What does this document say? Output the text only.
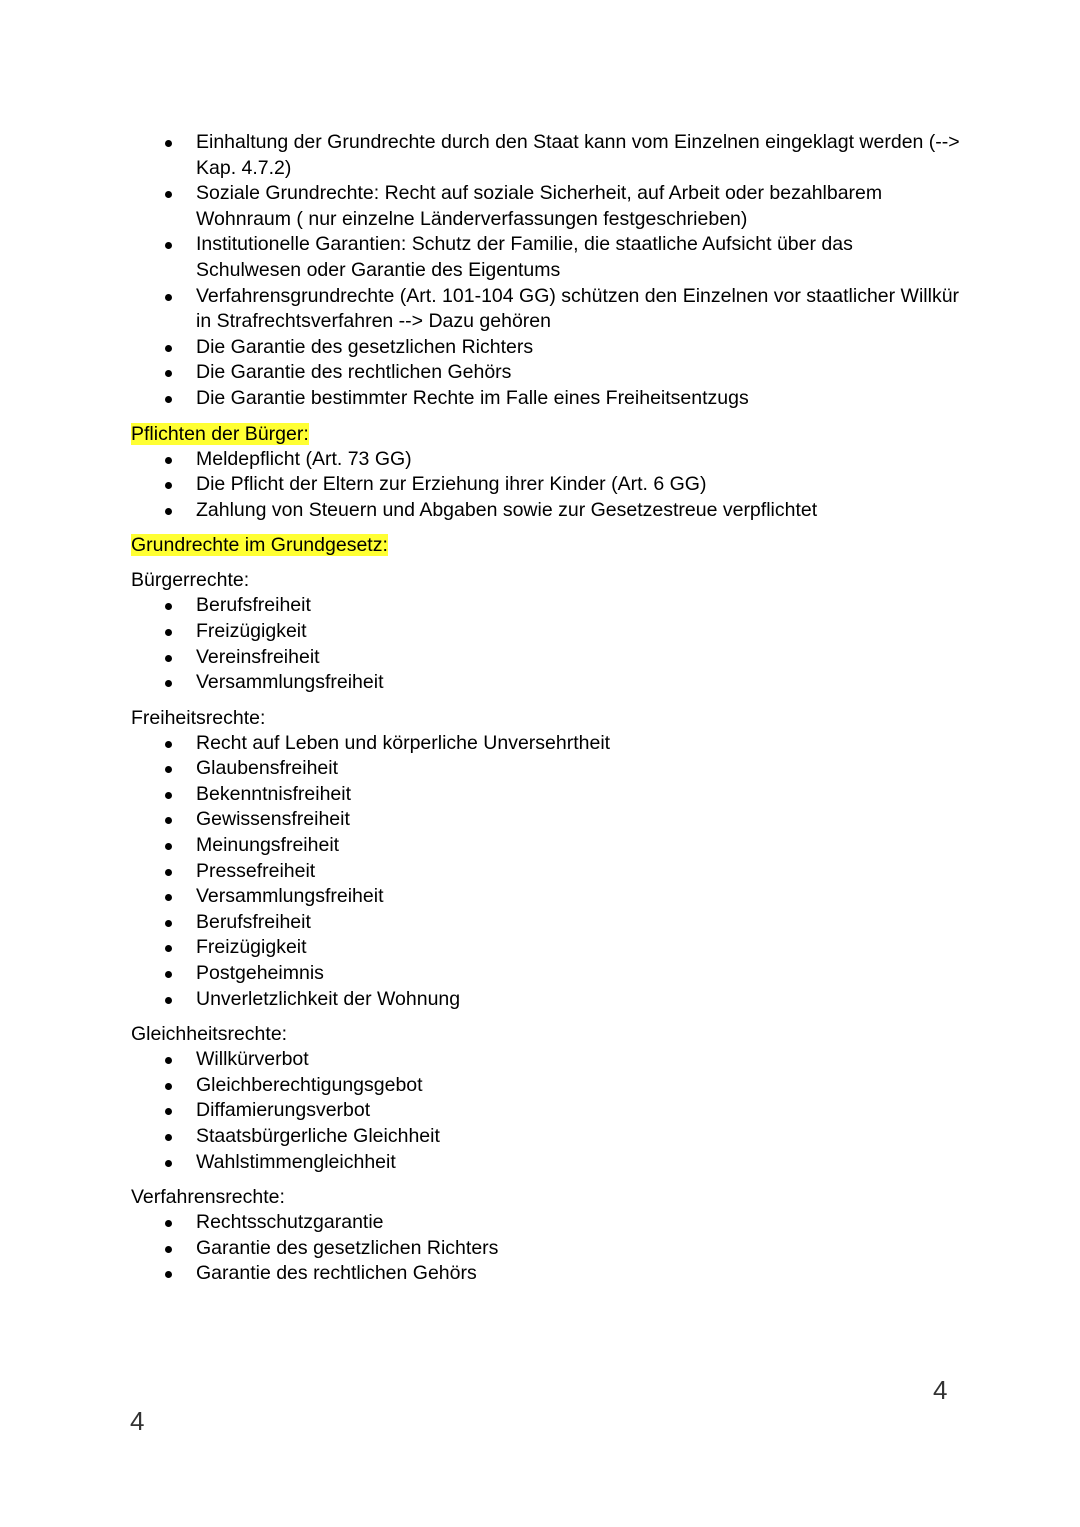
Einhaltung der Grundrechte durch den Staat kann vom Einzelnen eingeklagt werden (--> Kap. 4.7.2)
Soziale Grundrechte: Recht auf soziale Sicherheit, auf Arbeit oder bezahlbarem Wohnraum ( nur einzelne Länderverfassungen festgeschrieben)
Institutionelle Garantien: Schutz der Familie, die staatliche Aufsicht über das Schulwesen oder Garantie des Eigentums
Verfahrensgrundrechte (Art. 101-104 GG) schützen den Einzelnen vor staatlicher Willkür in Strafrechtsverfahren --> Dazu gehören
Die Garantie des gesetzlichen Richters
Die Garantie des rechtlichen Gehörs
Die Garantie bestimmter Rechte im Falle eines Freiheitsentzugs
Pflichten der Bürger:
Meldepflicht (Art. 73 GG)
Die Pflicht der Eltern zur Erziehung ihrer Kinder (Art. 6 GG)
Zahlung von Steuern und Abgaben sowie zur Gesetzestreue verpflichtet
Grundrechte im Grundgesetz:
Bürgerrechte:
Berufsfreiheit
Freizügigkeit
Vereinsfreiheit
Versammlungsfreiheit
Freiheitsrechte:
Recht auf Leben und körperliche Unversehrtheit
Glaubensfreiheit
Bekenntnisfreiheit
Gewissensfreiheit
Meinungsfreiheit
Pressefreiheit
Versammlungsfreiheit
Berufsfreiheit
Freizügigkeit
Postgeheimnis
Unverletzlichkeit der Wohnung
Gleichheitsrechte:
Willkürverbot
Gleichberechtigungsgebot
Diffamierungsverbot
Staatsbürgerliche Gleichheit
Wahlstimmengleichheit
Verfahrensrechte:
Rechtsschutzgarantie
Garantie des gesetzlichen Richters
Garantie des rechtlichen Gehörs
4
4
